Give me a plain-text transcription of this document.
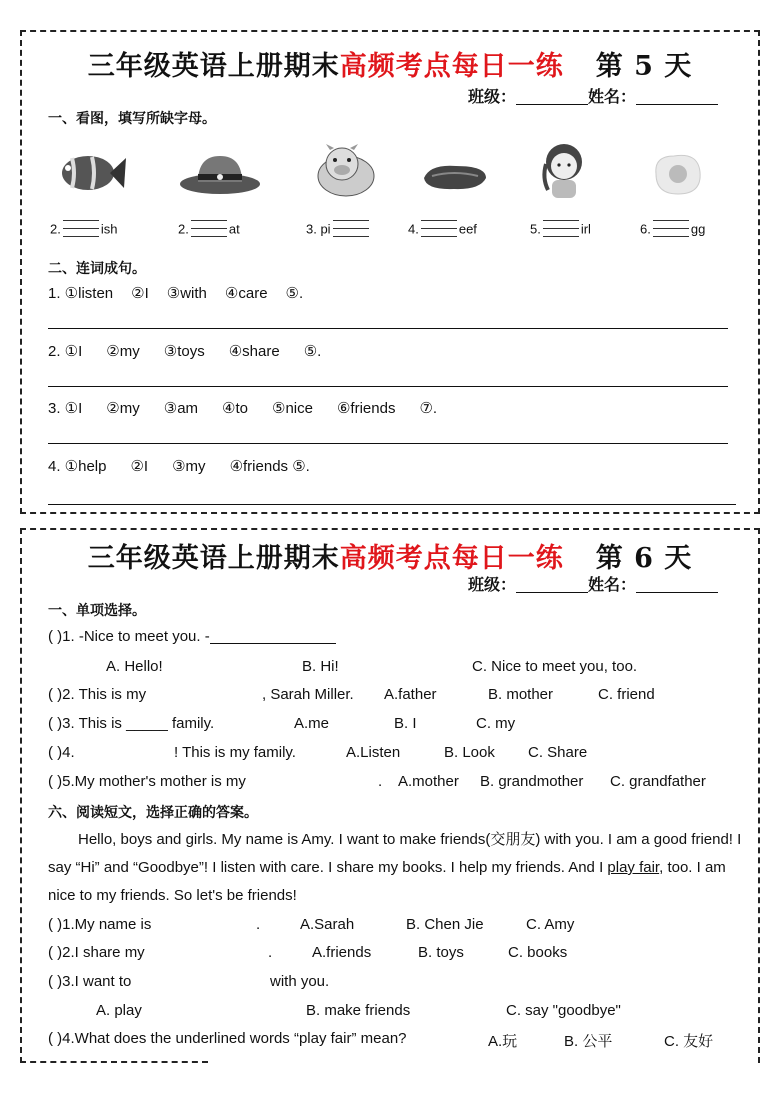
三年级英语上册期末高频考点每日一练 第 5 天
班级：	姓名：
一、看图，填写所缺字母。
2.	ish	2.	at	3. pi	4.	eef	5.	irl	6.	gg
二、连词成句。
1. ①listen ②I ③with ④care ⑤.
2. ①I ②my ③toys ④share ⑤.
3. ①I ②my ③am ④to ⑤nice ⑥friends ⑦.
4. ①help ②I ③my ④friends ⑤.
三年级英语上册期末高频考点每日一练 第 6 天
班级：	姓名：
一、单项选择。
( )1. -Nice to meet you. -
A. Hello!	B. Hi!	C. Nice to meet you, too.
( )2. This is my	, Sarah Miller. A.father	B. mother	C. friend
( )3. This is _____ family.	A.me	B. I	C. my
( )4.	! This is my family.	A.Listen	B. Look C. Share
( )5.My mother's mother is my	. A.mother B. grandmother C. grandfather
六、阅读短文，选择正确的答案。
Hello, boys and girls. My name is Amy. I want to make friends(交朋友) with you. I am a good friend! I say “Hi” and “Goodbye”! I listen with care. I share my books. I help my friends. And I play fair, too. I am nice to my friends. So let's be friends!
( )1.My name is	.	A.Sarah	B. Chen Jie	C. Amy
( )2.I share my	.	A.friends	B. toys	C. books
( )3.I want to	with you.
A. play	B. make friends	C. say "goodbye"
( )4.What does the underlined words “play fair” mean?	A.玩	B. 公平	C. 友好
